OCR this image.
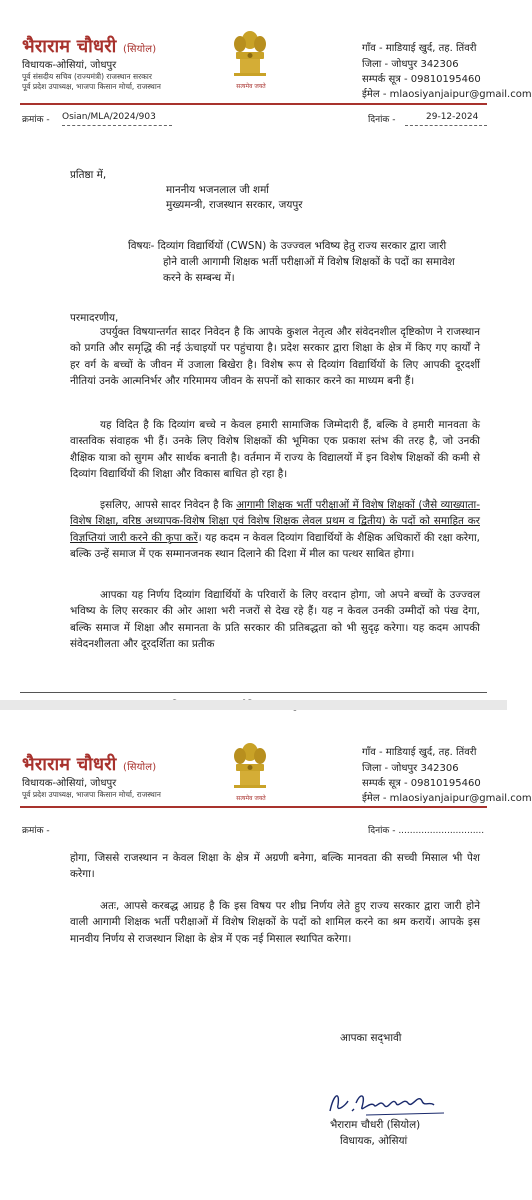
भैराराम चौधरी (सियोल)
विधायक-ओसियां, जोधपुर
पूर्व संसदीय सचिव (राज्यमंत्री) राजस्थान सरकार
पूर्व प्रदेश उपाध्यक्ष, भाजपा किसान मोर्चा, राजस्थान	सत्यमेव जयते
गाँव - माडियाई खुर्द, तह. तिंवरी
जिला - जोधपुर 342306
सम्पर्क सूत्र - 09810195460
ईमेल - mlaosiyanjaipur@gmail.com
क्रमांक - Osian/MLA/2024/903	दिनांक -	29-12-2024
प्रतिष्ठा में,
माननीय भजनलाल जी शर्मा
मुख्यमन्त्री, राजस्थान सरकार, जयपुर
विषयः- दिव्यांग विद्यार्थियों (CWSN) के उज्ज्वल भविष्य हेतु राज्य सरकार द्वारा जारी
होने वाली आगामी शिक्षक भर्ती परीक्षाओं में विशेष शिक्षकों के पदों का समावेश
करने के सम्बन्ध में।
परमादरणीय,
उपर्युक्त विषयान्तर्गत सादर निवेदन है कि आपके कुशल नेतृत्व और संवेदनशील दृष्टिकोण ने राजस्थान को प्रगति और समृद्धि की नई ऊंचाइयों पर पहुंचाया है। प्रदेश सरकार द्वारा शिक्षा के क्षेत्र में किए गए कार्यों ने हर वर्ग के बच्चों के जीवन में उजाला बिखेरा है। विशेष रूप से दिव्यांग विद्यार्थियों के लिए आपकी दूरदर्शी नीतियां उनके आत्मनिर्भर और गरिमामय जीवन के सपनों को साकार करने का माध्यम बनी हैं।
यह विदित है कि दिव्यांग बच्चे न केवल हमारी सामाजिक जिम्मेदारी हैं, बल्कि वे हमारी मानवता के वास्तविक संवाहक भी हैं। उनके लिए विशेष शिक्षकों की भूमिका एक प्रकाश स्तंभ की तरह है, जो उनकी शैक्षिक यात्रा को सुगम और सार्थक बनाती है। वर्तमान में राज्य के विद्यालयों में इन विशेष शिक्षकों की कमी से दिव्यांग विद्यार्थियों की शिक्षा और विकास बाधित हो रहा है।
इसलिए, आपसे सादर निवेदन है कि आगामी शिक्षक भर्ती परीक्षाओं में विशेष शिक्षकों (जैसे व्याख्याता-विशेष शिक्षा, वरिष्ठ अध्यापक-विशेष शिक्षा एवं विशेष शिक्षक लेवल प्रथम व द्वितीय) के पदों को समाहित कर विज्ञप्तियां जारी करने की कृपा करें। यह कदम न केवल दिव्यांग विद्यार्थियों के शैक्षिक अधिकारों की रक्षा करेगा, बल्कि उन्हें समाज में एक सम्मानजनक स्थान दिलाने की दिशा में मील का पत्थर साबित होगा।
आपका यह निर्णय दिव्यांग विद्यार्थियों के परिवारों के लिए वरदान होगा, जो अपने बच्चों के उज्ज्वल भविष्य के लिए सरकार की ओर आशा भरी नजरों से देख रहे हैं। यह न केवल उनकी उम्मीदों को पंख देगा, बल्कि समाज में शिक्षा और समानता के प्रति सरकार की प्रतिबद्धता को भी सुदृढ़ करेगा। यह कदम आपकी संवेदनशीलता और दूरदर्शिता का प्रतीक
भैराराम चौधरी (सियोल)
विधायक-ओसियां, जोधपुर
पूर्व प्रदेश उपाध्यक्ष, भाजपा किसान मोर्चा, राजस्थान	सत्यमेव जयते
गाँव - माडियाई खुर्द, तह. तिंवरी
जिला - जोधपुर 342306
सम्पर्क सूत्र - 09810195460
ईमेल - mlaosiyanjaipur@gmail.com
क्रमांक -	दिनांक - ..............................
होगा, जिससे राजस्थान न केवल शिक्षा के क्षेत्र में अग्रणी बनेगा, बल्कि मानवता की सच्ची मिसाल भी पेश करेगा।
अतः, आपसे करबद्ध आग्रह है कि इस विषय पर शीघ्र निर्णय लेते हुए राज्य सरकार द्वारा जारी होने वाली आगामी शिक्षक भर्ती परीक्षाओं में विशेष शिक्षकों के पदों को शामिल करने का श्रम करायें। आपके इस मानवीय निर्णय से राजस्थान शिक्षा के क्षेत्र में एक नई मिसाल स्थापित करेगा।
आपका सद्‌भावी
भैराराम चौधरी (सियोल)
विधायक, ओसियां
